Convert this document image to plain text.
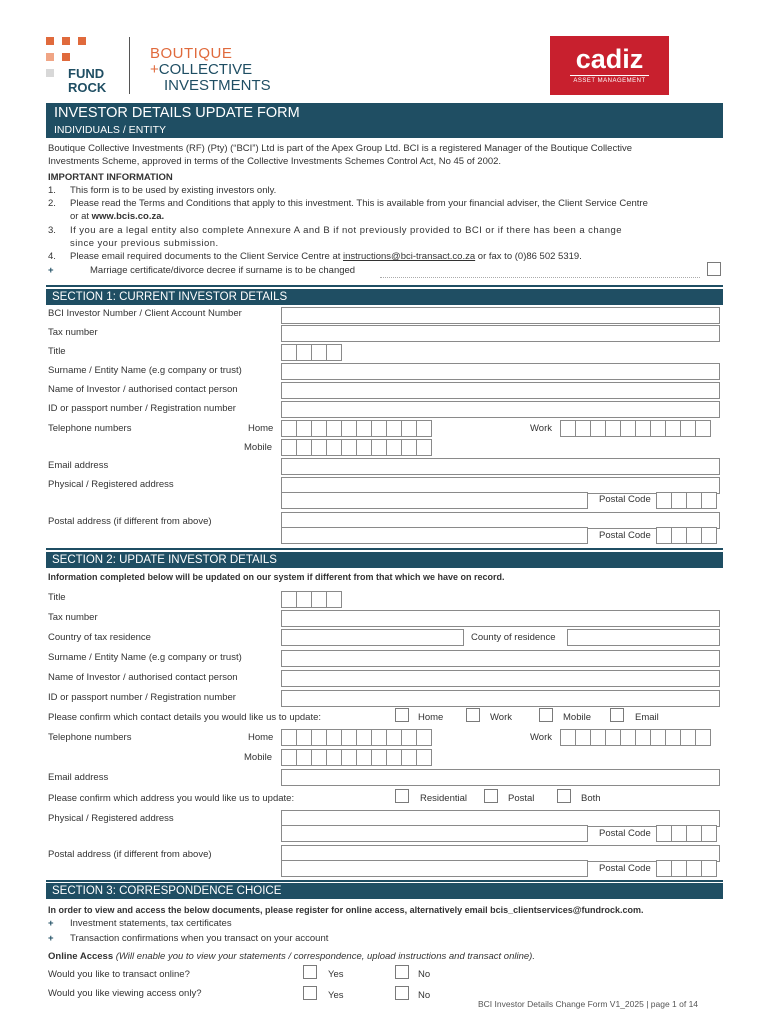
FUND
ROCK
BOUTIQUE
+COLLECTIVE
INVESTMENTS
cadiz
ASSET MANAGEMENT
INVESTOR DETAILS UPDATE FORM
INDIVIDUALS / ENTITY
Boutique Collective Investments (RF) (Pty) (“BCI”) Ltd is part of the Apex Group Ltd. BCI is a registered Manager of the Boutique Collective
Investments Scheme, approved in terms of the Collective Investments Schemes Control Act, No 45 of 2002.
IMPORTANT INFORMATION
1. This form is to be used by existing investors only.
2. Please read the Terms and Conditions that apply to this investment. This is available from your financial adviser, the Client Service Centre
or at www.bcis.co.za.
3. If you are a legal entity also complete Annexure A and B if not previously provided to BCI or if there has been a change
since your previous submission.
4. Please email required documents to the Client Service Centre at instructions@bci-transact.co.za or fax to (0)86 502 5319.
+	Marriage certificate/divorce decree if surname is to be changed
SECTION 1: CURRENT INVESTOR DETAILS
BCI Investor Number / Client Account Number
Tax number
Title
Surname / Entity Name (e.g company or trust)
Name of Investor / authorised contact person
ID or passport number / Registration number
Telephone numbers	Home	Work
Mobile
Email address
Physical / Registered address
Postal Code
Postal address (if different from above)
Postal Code
SECTION 2: UPDATE INVESTOR DETAILS
Information completed below will be updated on our system if different from that which we have on record.
Title
Tax number
Country of tax residence	County of residence
Surname / Entity Name (e.g company or trust)
Name of Investor / authorised contact person
ID or passport number / Registration number
Please confirm which contact details you would like us to update:	Home	Work	Mobile	Email
Telephone numbers	Home	Work
Mobile
Email address
Please confirm which address you would like us to update:	Residential	Postal	Both
Physical / Registered address
Postal Code
Postal address (if different from above)
Postal Code
SECTION 3: CORRESPONDENCE CHOICE
In order to view and access the below documents, please register for online access, alternatively email bcis_clientservices@fundrock.com.
+ Investment statements, tax certificates
+ Transaction confirmations when you transact on your account
Online Access (Will enable you to view your statements / correspondence, upload instructions and transact online).
Would you like to transact online?	Yes	No
Would you like viewing access only?	Yes	No
BCI Investor Details Change Form V1_2025 | page 1 of 14
